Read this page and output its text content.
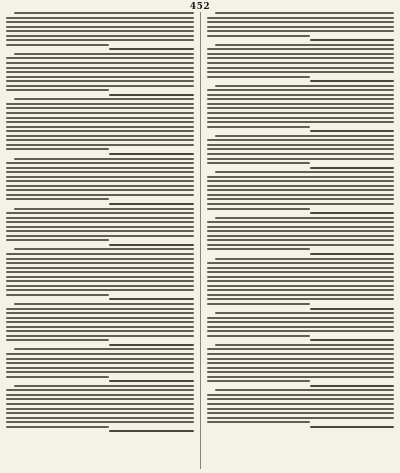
452
